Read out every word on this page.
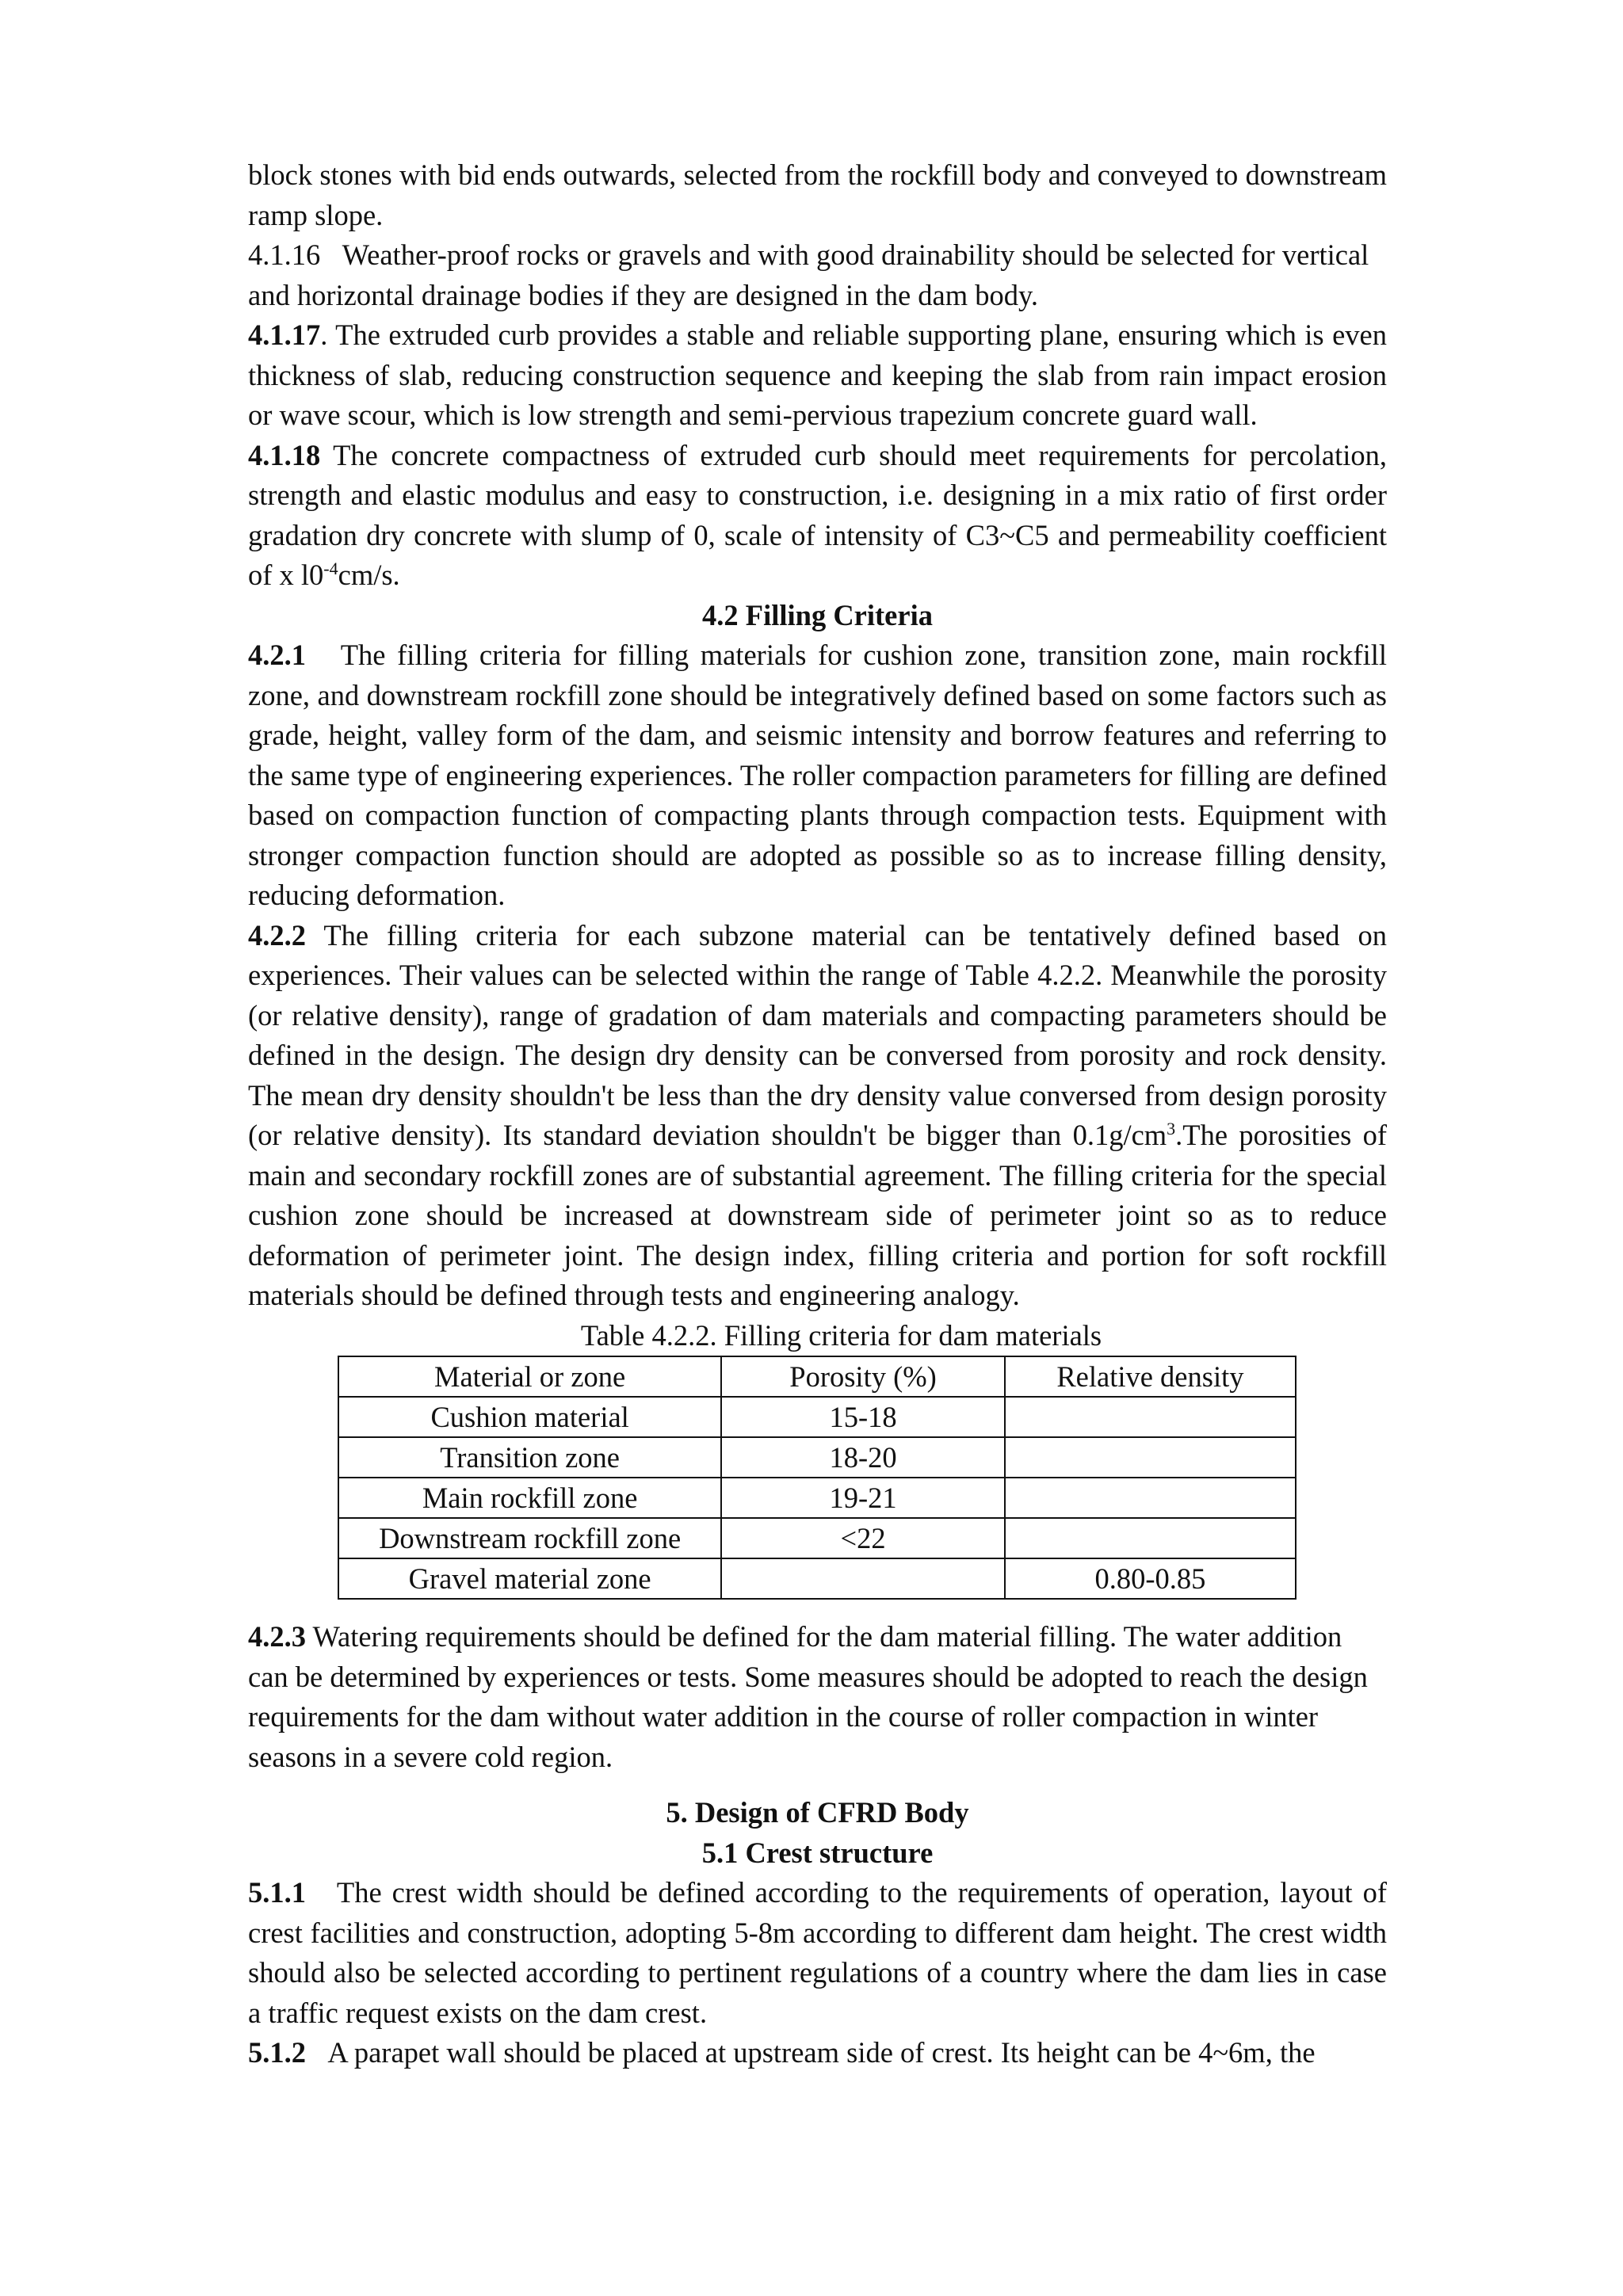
block stones with bid ends outwards, selected from the rockfill body and conveyed to downstream ramp slope.

4.1.16 Weather-proof rocks or gravels and with good drainability should be selected for vertical and horizontal drainage bodies if they are designed in the dam body.

4.1.17. The extruded curb provides a stable and reliable supporting plane, ensuring which is even thickness of slab, reducing construction sequence and keeping the slab from rain impact erosion or wave scour, which is low strength and semi-pervious trapezium concrete guard wall.

4.1.18 The concrete compactness of extruded curb should meet requirements for percolation, strength and elastic modulus and easy to construction, i.e. designing in a mix ratio of first order gradation dry concrete with slump of 0, scale of intensity of C3~C5 and permeability coefficient of x $l0^{-4}cm/s$.

4.2 Filling Criteria

4.2.1 The filling criteria for filling materials for cushion zone, transition zone, main rockfill zone, and downstream rockfill zone should be integratively defined based on some factors such as grade, height, valley form of the dam, and seismic intensity and borrow features and referring to the same type of engineering experiences. The roller compaction parameters for filling are defined based on compaction function of compacting plants through compaction tests. Equipment with stronger compaction function should are adopted as possible so as to increase filling density, reducing deformation.

4.2.2 The filling criteria for each subzone material can be tentatively defined based on experiences. Their values can be selected within the range of Table 4.2.2. Meanwhile the porosity (or relative density), range of gradation of dam materials and compacting parameters should be defined in the design. The design dry density can be conversed from porosity and rock density. The mean dry density shouldn't be less than the dry density value conversed from design porosity (or relative density). Its standard deviation shouldn't be bigger than $0.1g/cm^3.The$ porosities of main and secondary rockfill zones are of substantial agreement. The filling criteria for the special cushion zone should be increased at downstream side of perimeter joint so as to reduce deformation of perimeter joint. The design index, filling criteria and portion for soft rockfill materials should be defined through tests and engineering analogy.

Table 4.2.2. Filling criteria for dam materials

Material or zone	Porosity (%)	Relative density
Cushion material	15-18	
Transition zone	18-20	
Main rockfill zone	19-21	
Downstream rockfill zone	<22	
Gravel material zone		0.80-0.85

4.2.3 Watering requirements should be defined for the dam material filling. The water addition can be determined by experiences or tests. Some measures should be adopted to reach the design requirements for the dam without water addition in the course of roller compaction in winter seasons in a severe cold region.

5. Design of CFRD Body

5.1 Crest structure

5.1.1 The crest width should be defined according to the requirements of operation, layout of crest facilities and construction, adopting 5-8m according to different dam height. The crest width should also be selected according to pertinent regulations of a country where the dam lies in case a traffic request exists on the dam crest.

5.1.2 A parapet wall should be placed at upstream side of crest. Its height can be 4~6m, the
